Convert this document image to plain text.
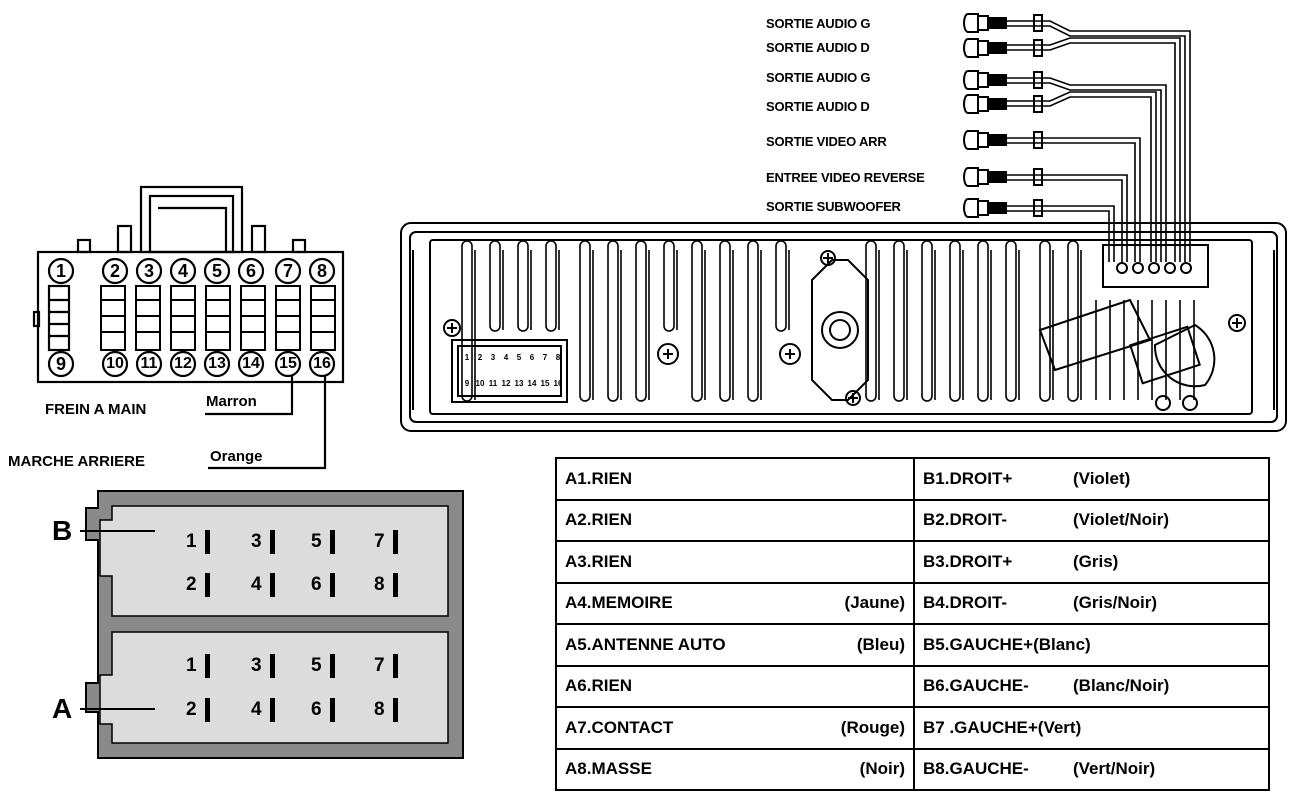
SORTIE AUDIO G
SORTIE AUDIO D
SORTIE AUDIO G
SORTIE AUDIO D
SORTIE VIDEO ARR
ENTREE VIDEO REVERSE
SORTIE SUBWOOFER
1 2 3 4 5 6 7 8
9 10 11 12 13 14 15 16
1 2 3 4 5 6 7 8
9	10 11 12 13 14 15 16
FREIN A MAIN	Marron
MARCHE ARRIERE	Orange
B
A
1	3	5	7
2	4	6	8
1	3	5	7
2	4	6	8
A1.RIEN	B1.DROIT+ (Violet)

A2.RIEN	B2.DROIT- (Violet/Noir)

A3.RIEN	B3.DROIT+ (Gris)

A4.MEMOIRE (Jaune)	B4.DROIT- (Gris/Noir)

A5.ANTENNE AUTO (Bleu)	B5.GAUCHE+(Blanc)

A6.RIEN	B6.GAUCHE- (Blanc/Noir)

A7.CONTACT (Rouge)	B7 .GAUCHE+(Vert)

A8.MASSE (Noir)	B8.GAUCHE- (Vert/Noir)
